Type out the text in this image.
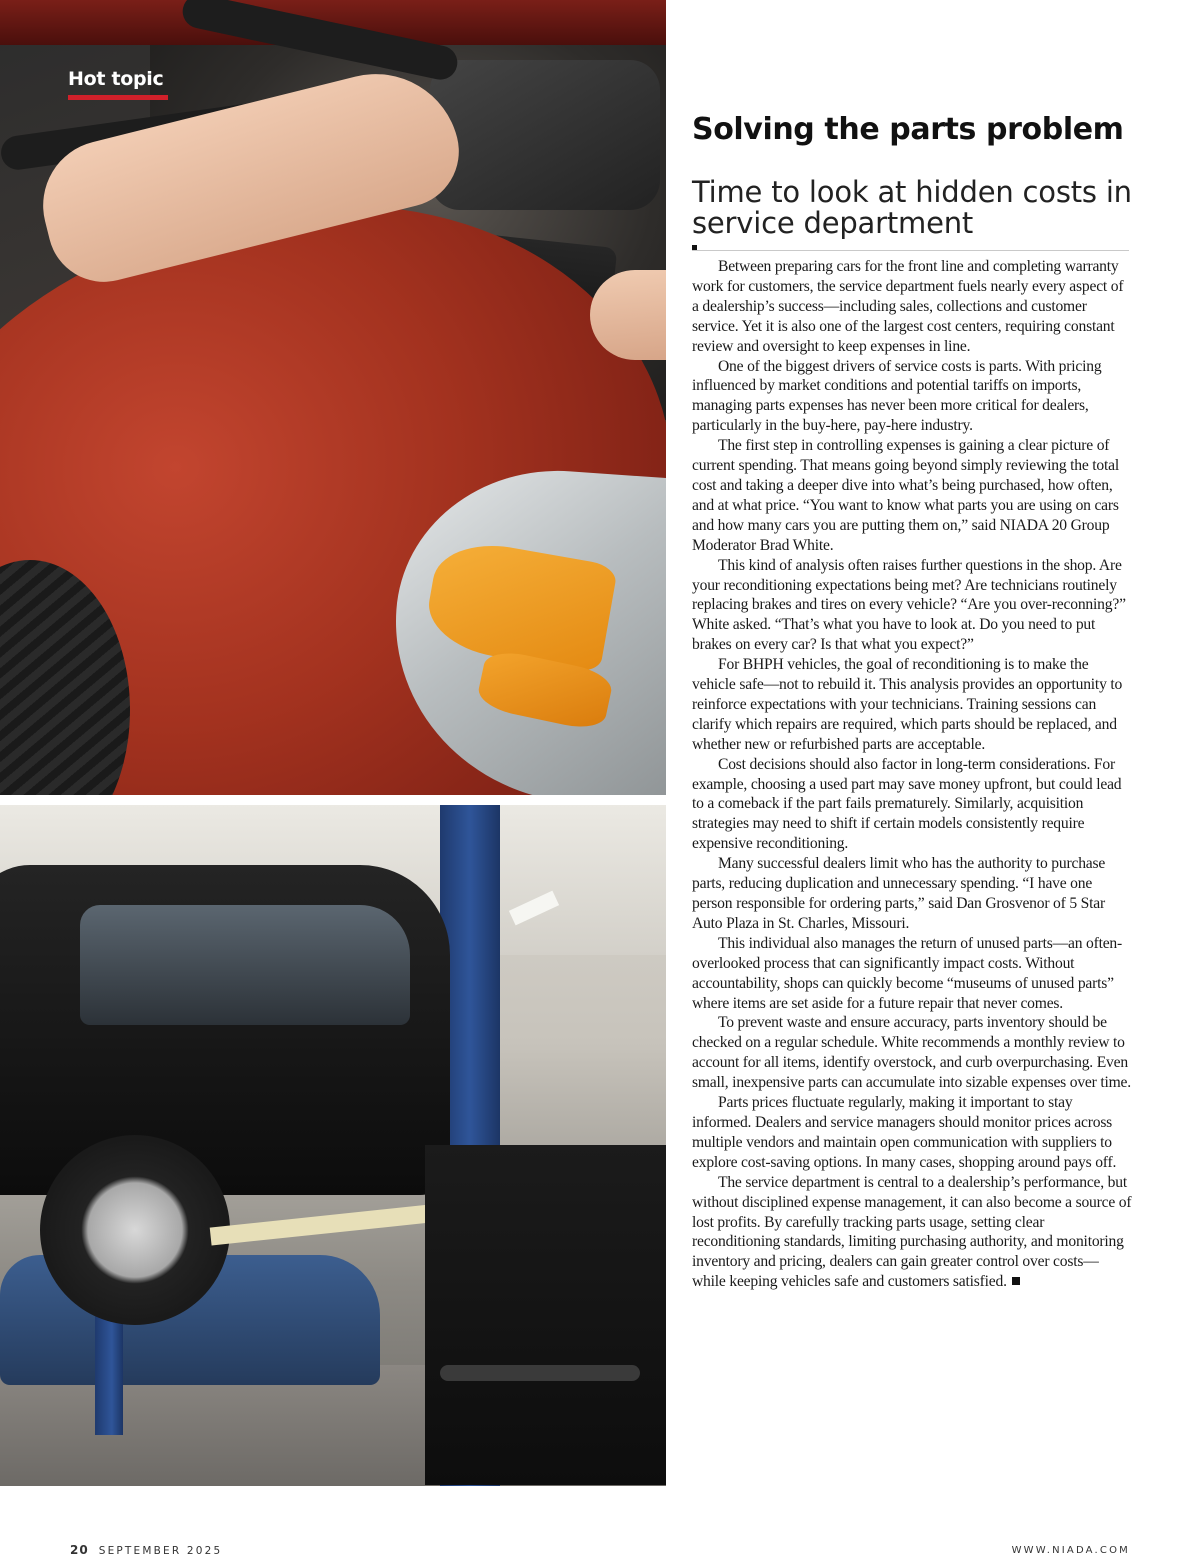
Hot topic
Solving the parts problem
Time to look at hidden costs in service department

Between preparing cars for the front line and completing warranty work for customers, the service department fuels nearly every aspect of a dealership’s success—including sales, collections and customer service. Yet it is also one of the largest cost centers, requiring constant review and oversight to keep expenses in line.

One of the biggest drivers of service costs is parts. With pricing influenced by market conditions and potential tariffs on imports, managing parts expenses has never been more critical for dealers, particularly in the buy-here, pay-here industry.

The first step in controlling expenses is gaining a clear picture of current spending. That means going beyond simply reviewing the total cost and taking a deeper dive into what’s being purchased, how often, and at what price. “You want to know what parts you are using on cars and how many cars you are putting them on,” said NIADA 20 Group Moderator Brad White.

This kind of analysis often raises further questions in the shop. Are your reconditioning expectations being met? Are technicians routinely replacing brakes and tires on every vehicle? “Are you over-reconning?” White asked. “That’s what you have to look at. Do you need to put brakes on every car? Is that what you expect?”

For BHPH vehicles, the goal of reconditioning is to make the vehicle safe—not to rebuild it. This analysis provides an opportunity to reinforce expectations with your technicians. Training sessions can clarify which repairs are required, which parts should be replaced, and whether new or refurbished parts are acceptable.

Cost decisions should also factor in long-term considerations. For example, choosing a used part may save money upfront, but could lead to a comeback if the part fails prematurely. Similarly, acquisition strategies may need to shift if certain models consistently require expensive reconditioning.

Many successful dealers limit who has the authority to purchase parts, reducing duplication and unnecessary spending. “I have one person responsible for ordering parts,” said Dan Grosvenor of 5 Star Auto Plaza in St. Charles, Missouri.

This individual also manages the return of unused parts—an often-overlooked process that can significantly impact costs. Without accountability, shops can quickly become “museums of unused parts” where items are set aside for a future repair that never comes.

To prevent waste and ensure accuracy, parts inventory should be checked on a regular schedule. White recommends a monthly review to account for all items, identify overstock, and curb overpurchasing. Even small, inexpensive parts can accumulate into sizable expenses over time.

Parts prices fluctuate regularly, making it important to stay informed. Dealers and service managers should monitor prices across multiple vendors and maintain open communication with suppliers to explore cost-saving options. In many cases, shopping around pays off.

The service department is central to a dealership’s performance, but without disciplined expense management, it can also become a source of lost profits. By carefully tracking parts usage, setting clear reconditioning standards, limiting purchasing authority, and monitoring inventory and pricing, dealers can gain greater control over costs—while keeping vehicles safe and customers satisfied.

20 SEPTEMBER 2025	WWW.NIADA.COM
